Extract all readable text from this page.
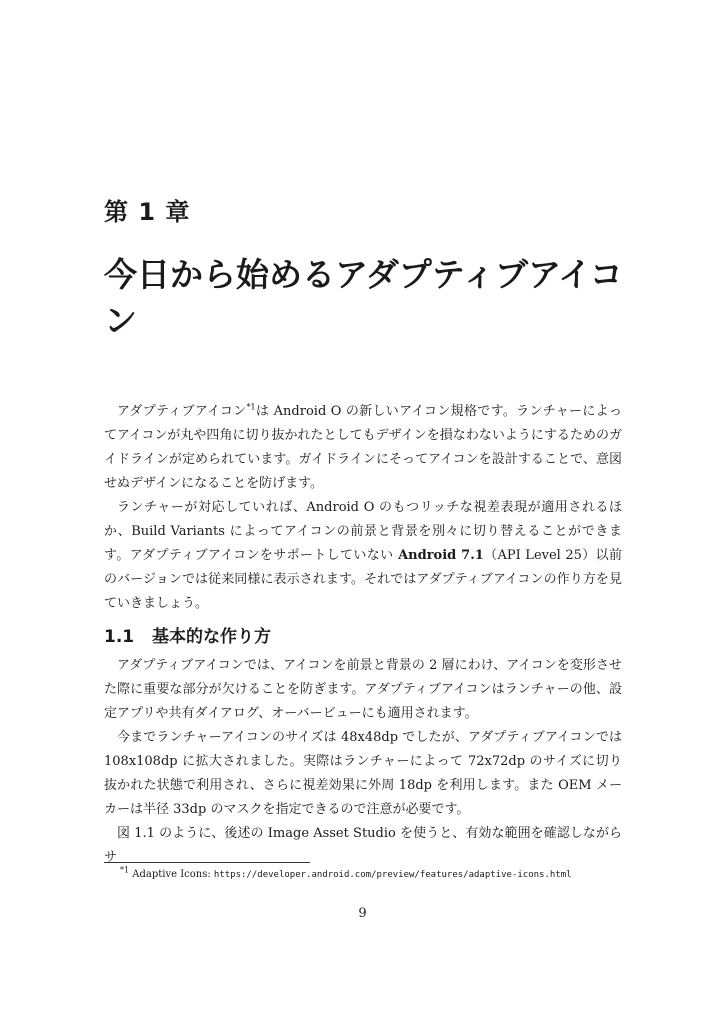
第 1 章
今日から始めるアダプティブアイコン

アダプティブアイコン$^{*1}$は Android O の新しいアイコン規格です。ランチャーによってアイコンが丸や四角に切り抜かれたとしてもデザインを損なわないようにするためのガイドラインが定められています。ガイドラインにそってアイコンを設計することで、意図せぬデザインになることを防げます。

ランチャーが対応していれば、Android O のもつリッチな視差表現が適用されるほか、Build Variants によってアイコンの前景と背景を別々に切り替えることができます。アダプティブアイコンをサポートしていない Android 7.1（API Level 25）以前のバージョンでは従来同様に表示されます。それではアダプティブアイコンの作り方を見ていきましょう。

1.1 基本的な作り方

アダプティブアイコンでは、アイコンを前景と背景の 2 層にわけ、アイコンを変形させた際に重要な部分が欠けることを防ぎます。アダプティブアイコンはランチャーの他、設定アプリや共有ダイアログ、オーバービューにも適用されます。

今までランチャーアイコンのサイズは 48x48dp でしたが、アダプティブアイコンでは 108x108dp に拡大されました。実際はランチャーによって 72x72dp のサイズに切り抜かれた状態で利用され、さらに視差効果に外周 18dp を利用します。また OEM メーカーは半径 33dp のマスクを指定できるので注意が必要です。

図 1.1 のように、後述の Image Asset Studio を使うと、有効な範囲を確認しながらサ

$^{*1}$ Adaptive Icons: https://developer.android.com/preview/features/adaptive-icons.html
9
